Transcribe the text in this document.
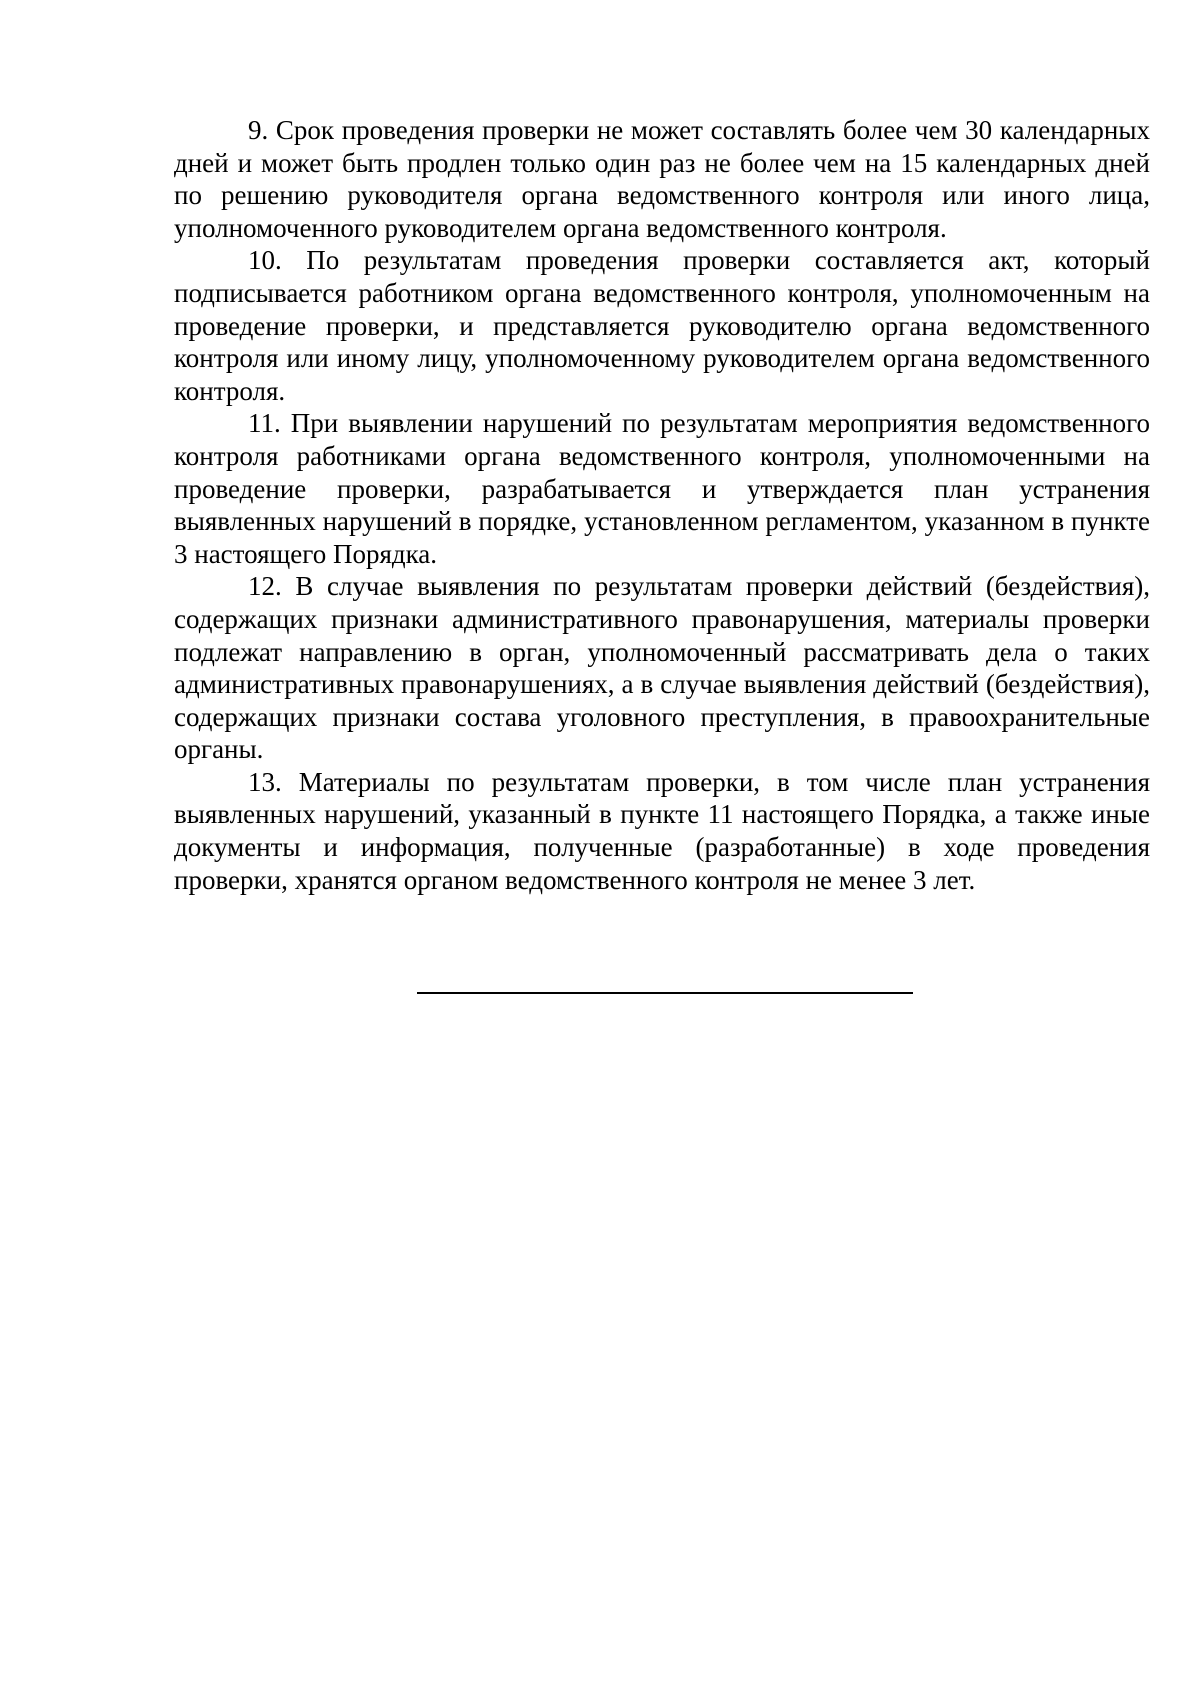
9. Срок проведения проверки не может составлять более чем 30 календарных дней и может быть продлен только один раз не более чем на 15 календарных дней по решению руководителя органа ведомственного контроля или иного лица, уполномоченного руководителем органа ведомственного контроля.

10. По результатам проведения проверки составляется акт, который подписывается работником органа ведомственного контроля, уполномоченным на проведение проверки, и представляется руководителю органа ведомственного контроля или иному лицу, уполномоченному руководителем органа ведомственного контроля.

11. При выявлении нарушений по результатам мероприятия ведомственного контроля работниками органа ведомственного контроля, уполномоченными на проведение проверки, разрабатывается и утверждается план устранения выявленных нарушений в порядке, установленном регламентом, указанном в пункте 3 настоящего Порядка.

12. В случае выявления по результатам проверки действий (бездействия), содержащих признаки административного правонарушения, материалы проверки подлежат направлению в орган, уполномоченный рассматривать дела о таких административных правонарушениях, а в случае выявления действий (бездействия), содержащих признаки состава уголовного преступления, в правоохранительные органы.

13. Материалы по результатам проверки, в том числе план устранения выявленных нарушений, указанный в пункте 11 настоящего Порядка, а также иные документы и информация, полученные (разработанные) в ходе проведения проверки, хранятся органом ведомственного контроля не менее 3 лет.
